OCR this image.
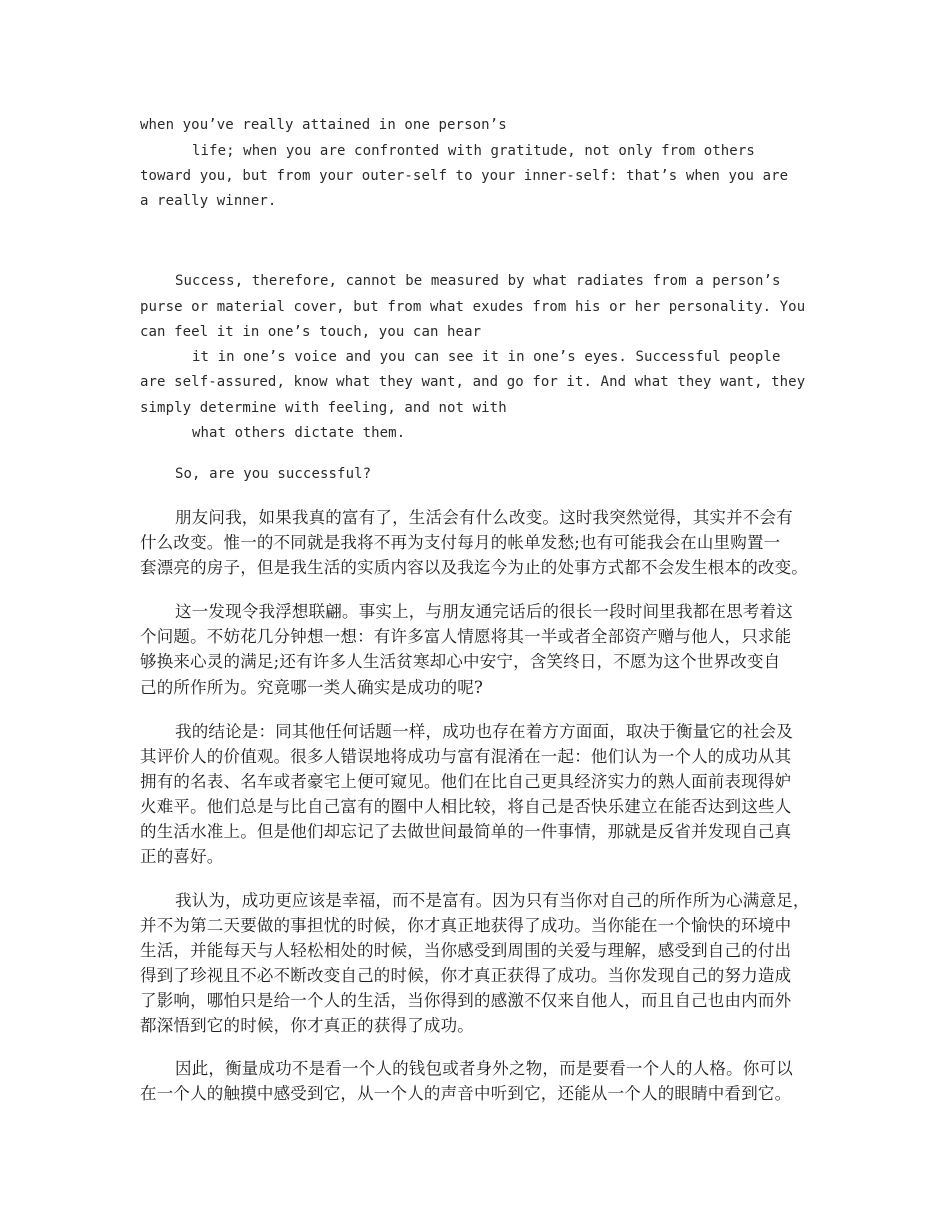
when you’ve really attained in one person’s
life; when you are confronted with gratitude, not only from others
toward you, but from your outer-self to your inner-self: that’s when you are
a really winner.
Success, therefore, cannot be measured by what radiates from a person’s
purse or material cover, but from what exudes from his or her personality. You
can feel it in one’s touch, you can hear
it in one’s voice and you can see it in one’s eyes. Successful people
are self-assured, know what they want, and go for it. And what they want, they
simply determine with feeling, and not with
what others dictate them.
So, are you successful?
朋友问我，如果我真的富有了，生活会有什么改变。这时我突然觉得，其实并不会有
什么改变。惟一的不同就是我将不再为支付每月的帐单发愁;也有可能我会在山里购置一
套漂亮的房子，但是我生活的实质内容以及我迄今为止的处事方式都不会发生根本的改变。
这一发现令我浮想联翩。事实上，与朋友通完话后的很长一段时间里我都在思考着这
个问题。不妨花几分钟想一想：有许多富人情愿将其一半或者全部资产赠与他人，只求能
够换来心灵的满足;还有许多人生活贫寒却心中安宁，含笑终日，不愿为这个世界改变自
己的所作所为。究竟哪一类人确实是成功的呢?
我的结论是：同其他任何话题一样，成功也存在着方方面面，取决于衡量它的社会及
其评价人的价值观。很多人错误地将成功与富有混淆在一起：他们认为一个人的成功从其
拥有的名表、名车或者豪宅上便可窥见。他们在比自己更具经济实力的熟人面前表现得妒
火难平。他们总是与比自己富有的圈中人相比较，将自己是否快乐建立在能否达到这些人
的生活水准上。但是他们却忘记了去做世间最简单的一件事情，那就是反省并发现自己真
正的喜好。
我认为，成功更应该是幸福，而不是富有。因为只有当你对自己的所作所为心满意足，
并不为第二天要做的事担忧的时候，你才真正地获得了成功。当你能在一个愉快的环境中
生活，并能每天与人轻松相处的时候，当你感受到周围的关爱与理解，感受到自己的付出
得到了珍视且不必不断改变自己的时候，你才真正获得了成功。当你发现自己的努力造成
了影响，哪怕只是给一个人的生活，当你得到的感激不仅来自他人，而且自己也由内而外
都深悟到它的时候，你才真正的获得了成功。
因此，衡量成功不是看一个人的钱包或者身外之物，而是要看一个人的人格。你可以
在一个人的触摸中感受到它，从一个人的声音中听到它，还能从一个人的眼睛中看到它。
